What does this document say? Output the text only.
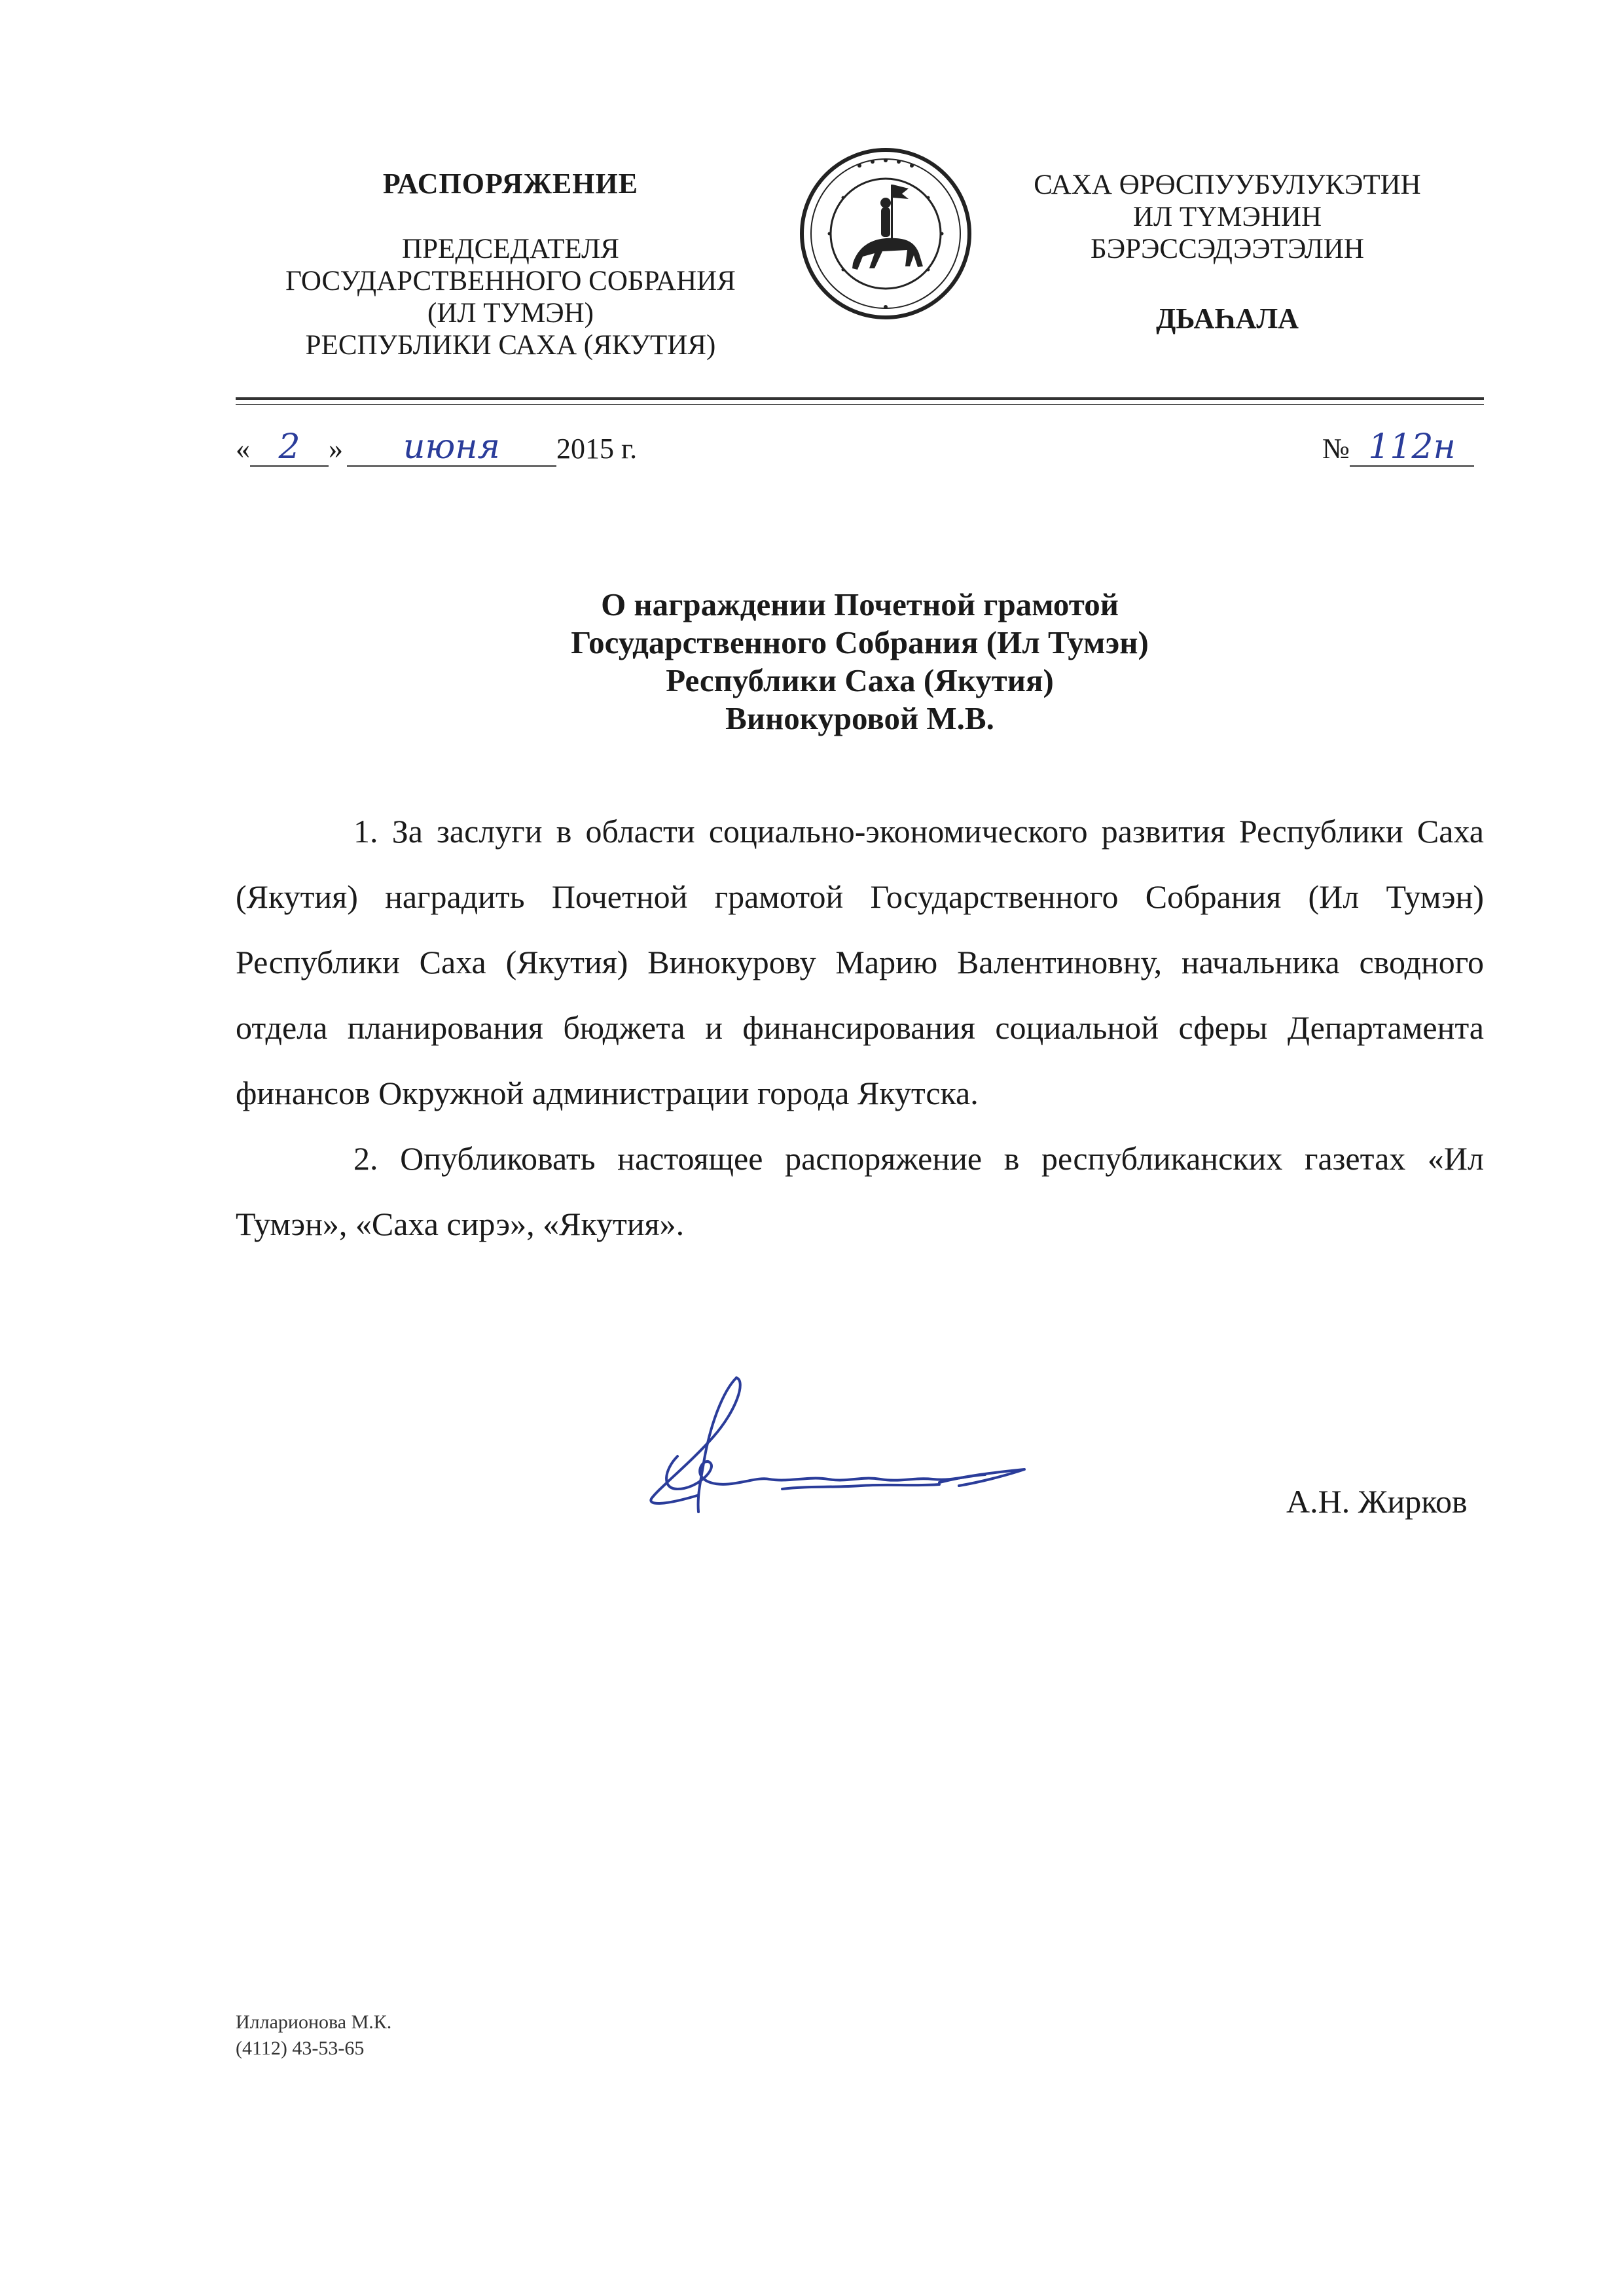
РАСПОРЯЖЕНИЕ
ПРЕДСЕДАТЕЛЯ
ГОСУДАРСТВЕННОГО СОБРАНИЯ
(ИЛ ТУМЭН)
РЕСПУБЛИКИ САХА (ЯКУТИЯ)
САХА ӨРӨСПУУБУЛУКЭТИН
ИЛ ТҮМЭНИН
БЭРЭССЭДЭЭТЭЛИН
ДЬАҺАЛА
« 2 » июня 2015 г.	№ 112н
О награждении Почетной грамотой
Государственного Собрания (Ил Тумэн)
Республики Саха (Якутия)
Винокуровой М.В.

1. За заслуги в области социально-экономического развития Республики Саха (Якутия) наградить Почетной грамотой Государственного Собрания (Ил Тумэн) Республики Саха (Якутия) Винокурову Марию Валентиновну, начальника сводного отдела планирования бюджета и финансирования социальной сферы Департамента финансов Окружной администрации города Якутска.

2. Опубликовать настоящее распоряжение в республиканских газетах «Ил Тумэн», «Саха сирэ», «Якутия».

А.Н. Жирков
Илларионова М.К.
(4112) 43-53-65
